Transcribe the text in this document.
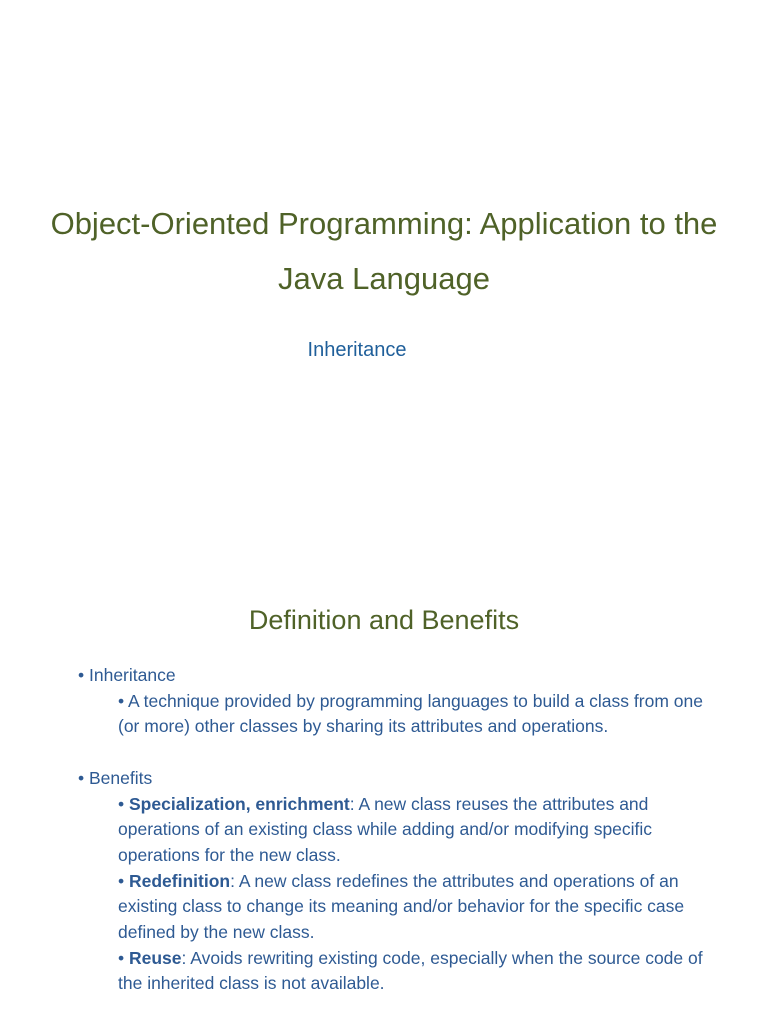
Object-Oriented Programming: Application to the Java Language
Inheritance
Definition and Benefits

• Inheritance

• A technique provided by programming languages to build a class from one (or more) other classes by sharing its attributes and operations.

• Benefits

• Specialization, enrichment: A new class reuses the attributes and operations of an existing class while adding and/or modifying specific operations for the new class.

• Redefinition: A new class redefines the attributes and operations of an existing class to change its meaning and/or behavior for the specific case defined by the new class.

• Reuse: Avoids rewriting existing code, especially when the source code of the inherited class is not available.
